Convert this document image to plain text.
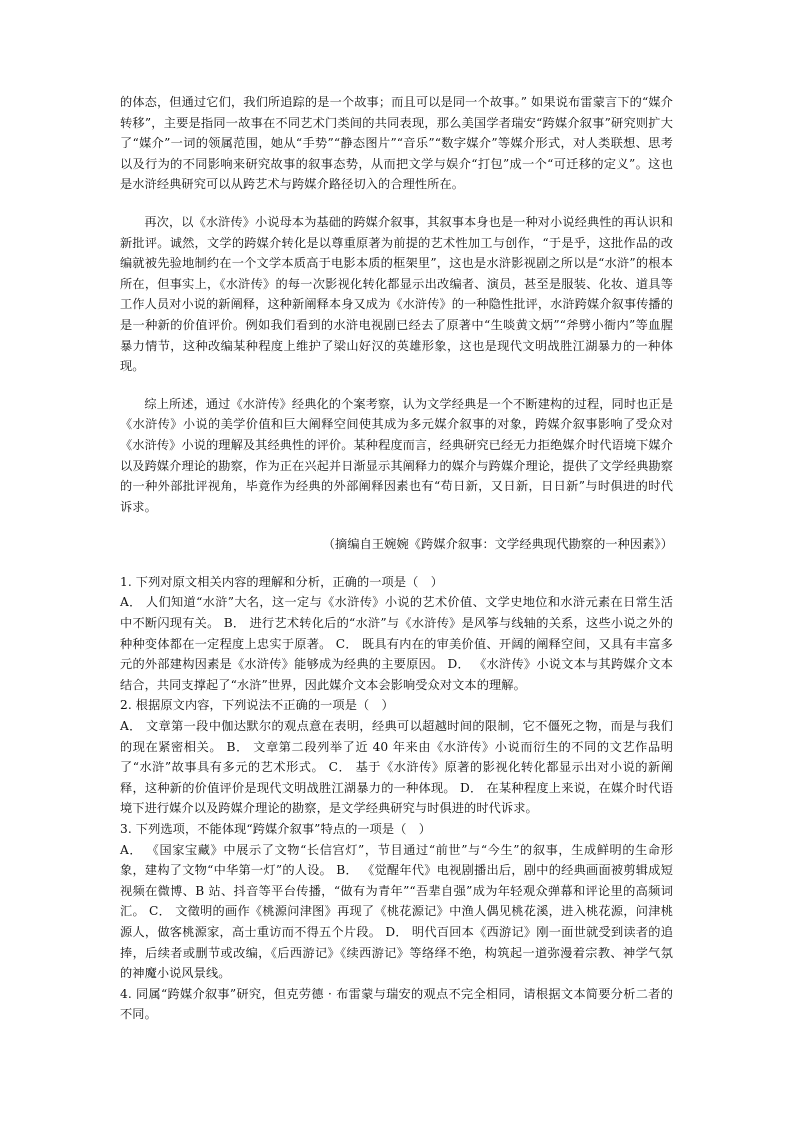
的体态，但通过它们，我们所追踪的是一个故事；而且可以是同一个故事。” 如果说布雷蒙言下的“媒介转移”，主要是指同一故事在不同艺术门类间的共同表现，那么美国学者瑞安“跨媒介叙事”研究则扩大了“媒介”一词的领属范围，她从“手势”“静态图片”“音乐”“数字媒介”等媒介形式，对人类联想、思考以及行为的不同影响来研究故事的叙事态势，从而把文学与娱介“打包”成一个“可迁移的定义”。这也是水浒经典研究可以从跨艺术与跨媒介路径切入的合理性所在。

再次，以《水浒传》小说母本为基础的跨媒介叙事，其叙事本身也是一种对小说经典性的再认识和新批评。诚然，文学的跨媒介转化是以尊重原著为前提的艺术性加工与创作，“于是乎，这批作品的改编就被先验地制约在一个文学本质高于电影本质的框架里”，这也是水浒影视剧之所以是“水浒”的根本所在，但事实上，《水浒传》的每一次影视化转化都显示出改编者、演员，甚至是服装、化妆、道具等工作人员对小说的新阐释，这种新阐释本身又成为《水浒传》的一种隐性批评，水浒跨媒介叙事传播的是一种新的价值评价。例如我们看到的水浒电视剧已经去了原著中“生啖黄文炳”“斧劈小衙内”等血腥暴力情节，这种改编某种程度上维护了梁山好汉的英雄形象，这也是现代文明战胜江湖暴力的一种体现。

综上所述，通过《水浒传》经典化的个案考察，认为文学经典是一个不断建构的过程，同时也正是《水浒传》小说的美学价值和巨大阐释空间使其成为多元媒介叙事的对象，跨媒介叙事影响了受众对《水浒传》小说的理解及其经典性的评价。某种程度而言，经典研究已经无力拒绝媒介时代语境下媒介以及跨媒介理论的勘察，作为正在兴起并日渐显示其阐释力的媒介与跨媒介理论，提供了文学经典勘察的一种外部批评视角，毕竟作为经典的外部阐释因素也有“苟日新，又日新，日日新”与时俱进的时代诉求。

（摘编自王婉婉《跨媒介叙事：文学经典现代勘察的一种因素》）

1. 下列对原文相关内容的理解和分析，正确的一项是（　）

A． 人们知道“水浒”大名，这一定与《水浒传》小说的艺术价值、文学史地位和水浒元素在日常生活中不断闪现有关。 B． 进行艺术转化后的“水浒”与《水浒传》是风筝与线轴的关系，这些小说之外的种种变体都在一定程度上忠实于原著。 C． 既具有内在的审美价值、开阔的阐释空间，又具有丰富多元的外部建构因素是《水浒传》能够成为经典的主要原因。 D． 《水浒传》小说文本与其跨媒介文本结合，共同支撑起了“水浒”世界，因此媒介文本会影响受众对文本的理解。

2. 根据原文内容，下列说法不正确的一项是（　）

A． 文章第一段中伽达默尔的观点意在表明，经典可以超越时间的限制，它不僵死之物，而是与我们的现在紧密相关。 B． 文章第二段列举了近 40 年来由《水浒传》小说而衍生的不同的文艺作品明了“水浒”故事具有多元的艺术形式。 C． 基于《水浒传》原著的影视化转化都显示出对小说的新阐释，这种新的价值评价是现代文明战胜江湖暴力的一种体现。 D． 在某种程度上来说，在媒介时代语境下进行媒介以及跨媒介理论的勘察，是文学经典研究与时俱进的时代诉求。

3. 下列选项，不能体现“跨媒介叙事”特点的一项是（　）

A． 《国家宝藏》中展示了文物“长信宫灯”，节目通过“前世”与“今生”的叙事，生成鲜明的生命形象，建构了文物“中华第一灯”的人设。 B． 《觉醒年代》电视剧播出后，剧中的经典画面被剪辑成短视频在微博、B 站、抖音等平台传播，“做有为青年”“吾辈自强”成为年轻观众弹幕和评论里的高频词汇。 C． 文徵明的画作《桃源问津图》再现了《桃花源记》中渔人偶见桃花溪，进入桃花源，问津桃源人，做客桃源家，高士重访而不得五个片段。 D． 明代百回本《西游记》刚一面世就受到读者的追捧，后续者或删节或改编，《后西游记》《续西游记》等络绎不绝，构筑起一道弥漫着宗教、神学气氛的神魔小说风景线。

4. 同属“跨媒介叙事”研究，但克劳德 · 布雷蒙与瑞安的观点不完全相同，请根据文本简要分析二者的不同。
